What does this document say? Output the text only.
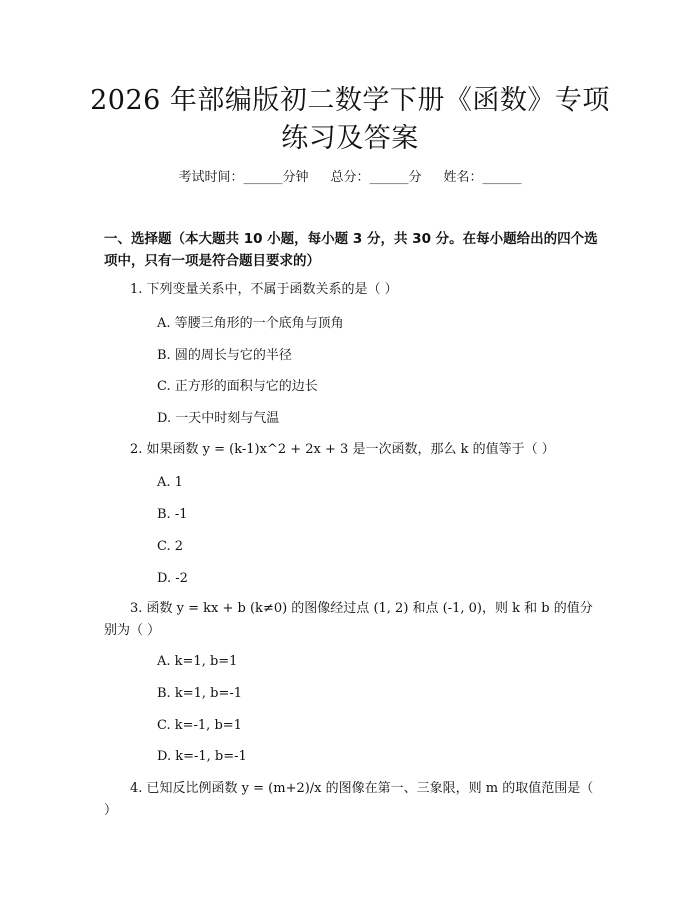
2026 年部编版初二数学下册《函数》专项练习及答案
考试时间：______分钟 总分：______分 姓名：______
一、选择题（本大题共 10 小题，每小题 3 分，共 30 分。在每小题给出的四个选项中，只有一项是符合题目要求的）
1. 下列变量关系中，不属于函数关系的是（ ）
A. 等腰三角形的一个底角与顶角
B. 圆的周长与它的半径
C. 正方形的面积与它的边长
D. 一天中时刻与气温
2. 如果函数 y = (k-1)x^2 + 2x + 3 是一次函数，那么 k 的值等于（ ）
A. 1
B. -1
C. 2
D. -2
3. 函数 y = kx + b (k≠0) 的图像经过点 (1, 2) 和点 (-1, 0)，则 k 和 b 的值分别为（ ）
A. k=1, b=1
B. k=1, b=-1
C. k=-1, b=1
D. k=-1, b=-1
4. 已知反比例函数 y = (m+2)/x 的图像在第一、三象限，则 m 的取值范围是（ ）
